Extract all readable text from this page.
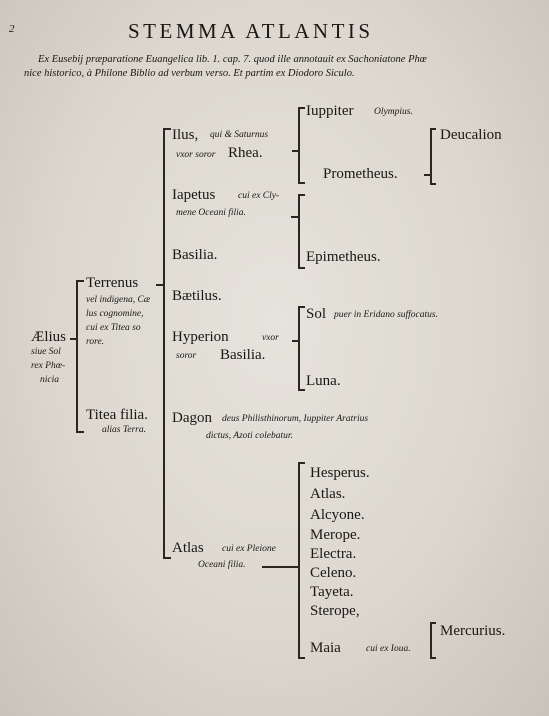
2	STEMMA ATLANTIS
Ex Eusebij præparatione Euangelica lib. 1. cap. 7. quod ille annotauit ex Sachoniatone Phœ
nice historico, à Philone Biblio ad verbum verso. Et partim ex Diodoro Siculo.
Ælius
siue Sol
rex Phœ-
nicia
Terrenus
vel indigena, Cæ
lus cognomine,
cui ex Titea so
rore.
Titea filia.
alias Terra.
Ilus, qui & Saturnus
vxor soror Rhea.
Iapetus cui ex Cly-
mene Oceani filia.
Basilia.
Bætilus.
Hyperion	vxor
soror Basilia.
Dagon deus Philisthinorum, Iuppiter Aratrius
dictus, Azoti colebatur.
Atlas cui ex Pleione
Oceani filia.
Iuppiter Olympius.
Prometheus.
Epimetheus.
Sol puer in Eridano suffocatus.
Luna.
Hesperus.
Atlas.
Alcyone.
Merope.
Electra.
Celeno.
Tayeta.
Sterope,
Maia	cui ex Ioua.
Deucalion
Mercurius.
